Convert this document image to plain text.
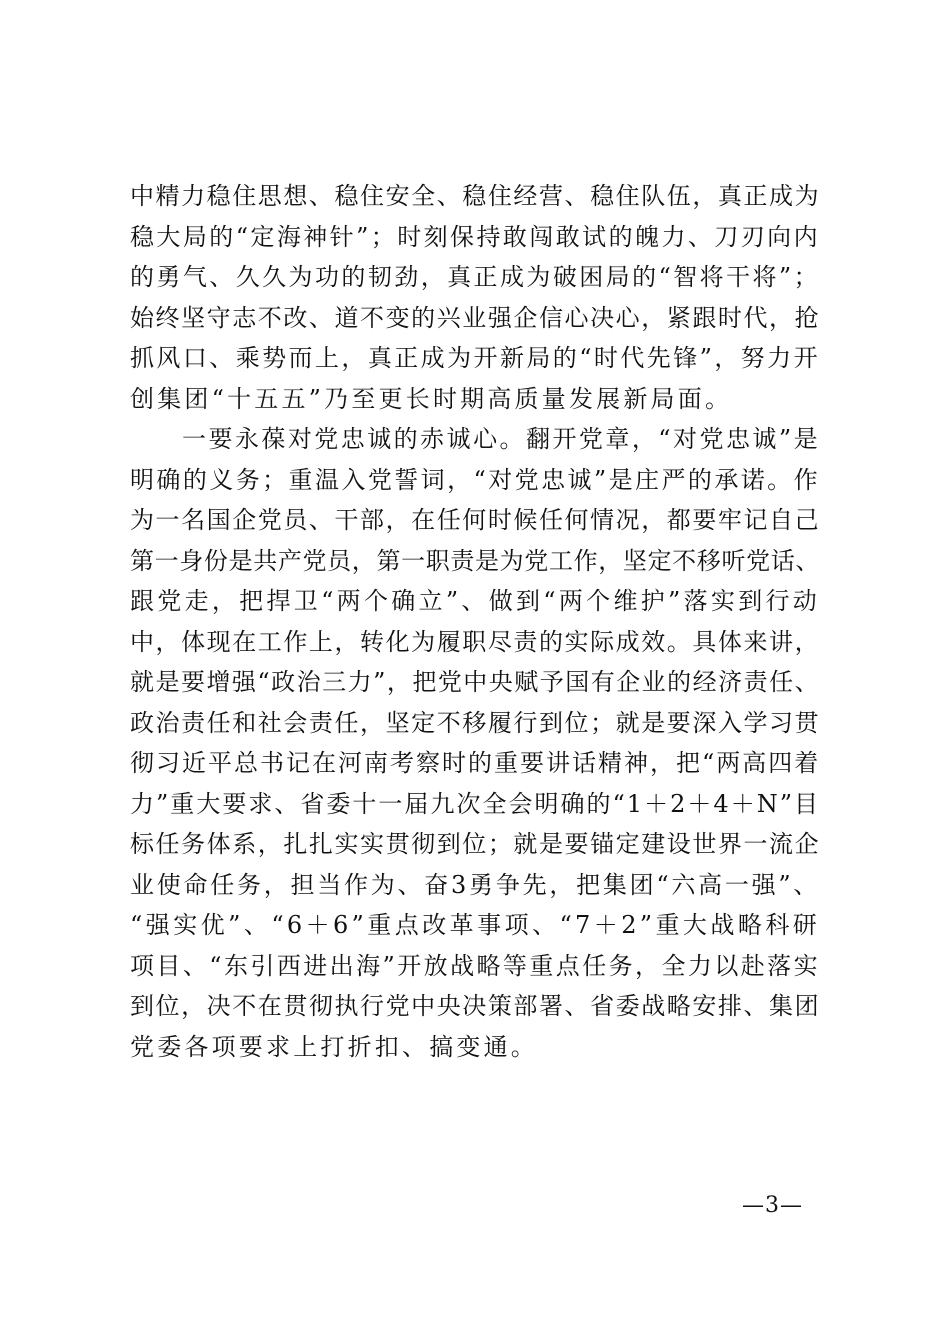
中精力稳住思想、稳住安全、稳住经营、稳住队伍，真正成为
稳大局的“定海神针”；时刻保持敢闯敢试的魄力、刀刃向内
的勇气、久久为功的韧劲，真正成为破困局的“智将干将”；
始终坚守志不改、道不变的兴业强企信心决心，紧跟时代，抢
抓风口、乘势而上，真正成为开新局的“时代先锋”，努力开
创集团“十五五”乃至更长时期高质量发展新局面。
一要永葆对党忠诚的赤诚心。翻开党章，“对党忠诚”是
明确的义务；重温入党誓词，“对党忠诚”是庄严的承诺。作
为一名国企党员、干部，在任何时候任何情况，都要牢记自己
第一身份是共产党员，第一职责是为党工作，坚定不移听党话、
跟党走，把捍卫“两个确立”、做到“两个维护”落实到行动
中，体现在工作上，转化为履职尽责的实际成效。具体来讲，
就是要增强“政治三力”，把党中央赋予国有企业的经济责任、
政治责任和社会责任，坚定不移履行到位；就是要深入学习贯
彻习近平总书记在河南考察时的重要讲话精神，把“两高四着
力”重大要求、省委十一届九次全会明确的“1＋2＋4＋N”目
标任务体系，扎扎实实贯彻到位；就是要锚定建设世界一流企
业使命任务，担当作为、奋3勇争先，把集团“六高一强”、
“强实优”、“6＋6”重点改革事项、“7＋2”重大战略科研
项目、“东引西进出海”开放战略等重点任务，全力以赴落实
到位，决不在贯彻执行党中央决策部署、省委战略安排、集团
党委各项要求上打折扣、搞变通。
—3—
